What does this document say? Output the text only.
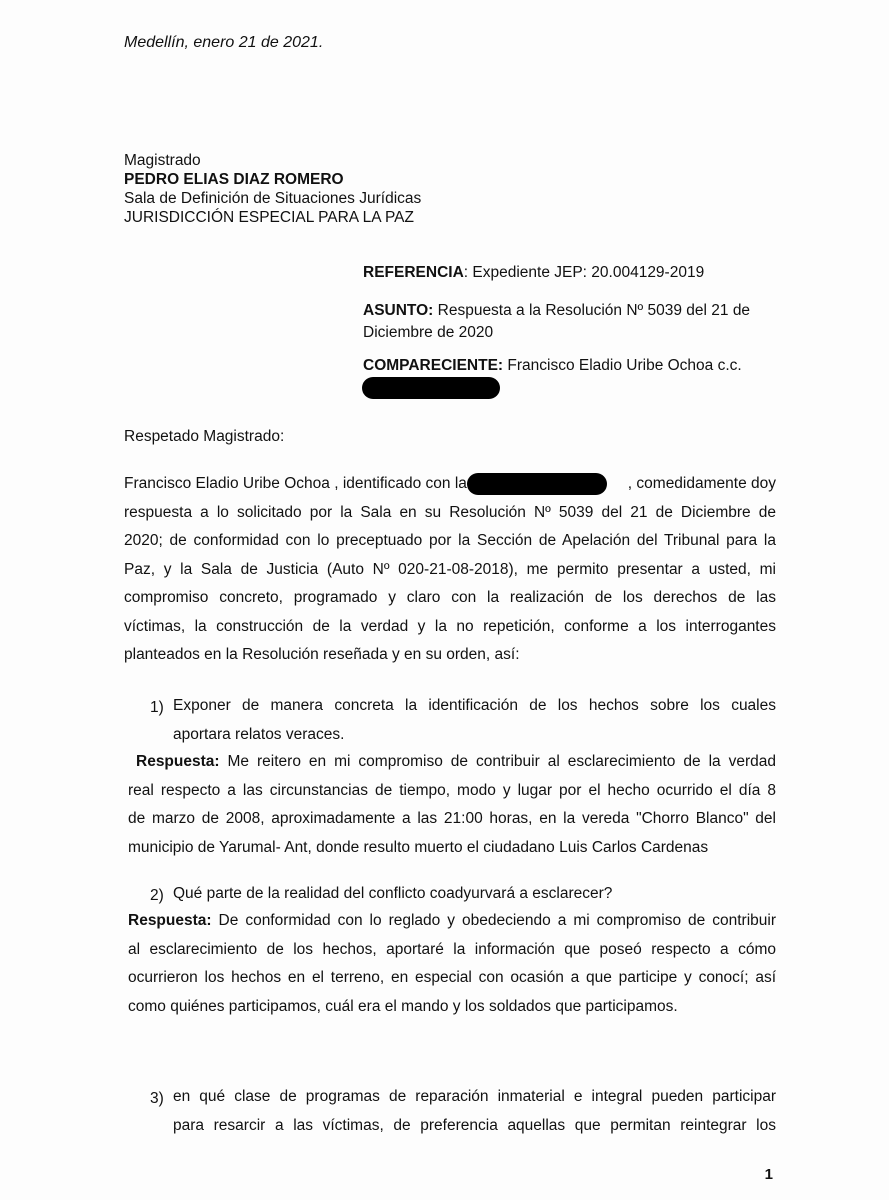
Medellín, enero 21 de 2021.
Magistrado
PEDRO ELIAS DIAZ ROMERO
Sala de Definición de Situaciones Jurídicas
JURISDICCIÓN ESPECIAL PARA LA PAZ
REFERENCIA: Expediente JEP: 20.004129-2019
ASUNTO: Respuesta a la Resolución Nº 5039 del 21 de
Diciembre de 2020
COMPARECIENTE: Francisco Eladio Uribe Ochoa c.c.
Respetado Magistrado:
Francisco Eladio Uribe Ochoa , identificado con la	, comedidamente doy
respuesta a lo solicitado por la Sala en su Resolución Nº 5039 del 21 de Diciembre de
2020; de conformidad con lo preceptuado por la Sección de Apelación del Tribunal para la
Paz, y la Sala de Justicia (Auto Nº 020-21-08-2018), me permito presentar a usted, mi
compromiso concreto, programado y claro con la realización de los derechos de las
víctimas, la construcción de la verdad y la no repetición, conforme a los interrogantes
planteados en la Resolución reseñada y en su orden, así:
1) Exponer de manera concreta la identificación de los hechos sobre los cuales
aportara relatos veraces.
Respuesta: Me reitero en mi compromiso de contribuir al esclarecimiento de la verdad
real respecto a las circunstancias de tiempo, modo y lugar por el hecho ocurrido el día 8
de marzo de 2008, aproximadamente a las 21:00 horas, en la vereda "Chorro Blanco" del
municipio de Yarumal- Ant, donde resulto muerto el ciudadano Luis Carlos Cardenas
2) Qué parte de la realidad del conflicto coadyurvará a esclarecer?
Respuesta: De conformidad con lo reglado y obedeciendo a mi compromiso de contribuir
al esclarecimiento de los hechos, aportaré la información que poseó respecto a cómo
ocurrieron los hechos en el terreno, en especial con ocasión a que participe y conocí; así
como quiénes participamos, cuál era el mando y los soldados que participamos.
3) en qué clase de programas de reparación inmaterial e integral pueden participar
para resarcir a las víctimas, de preferencia aquellas que permitan reintegrar los
1
